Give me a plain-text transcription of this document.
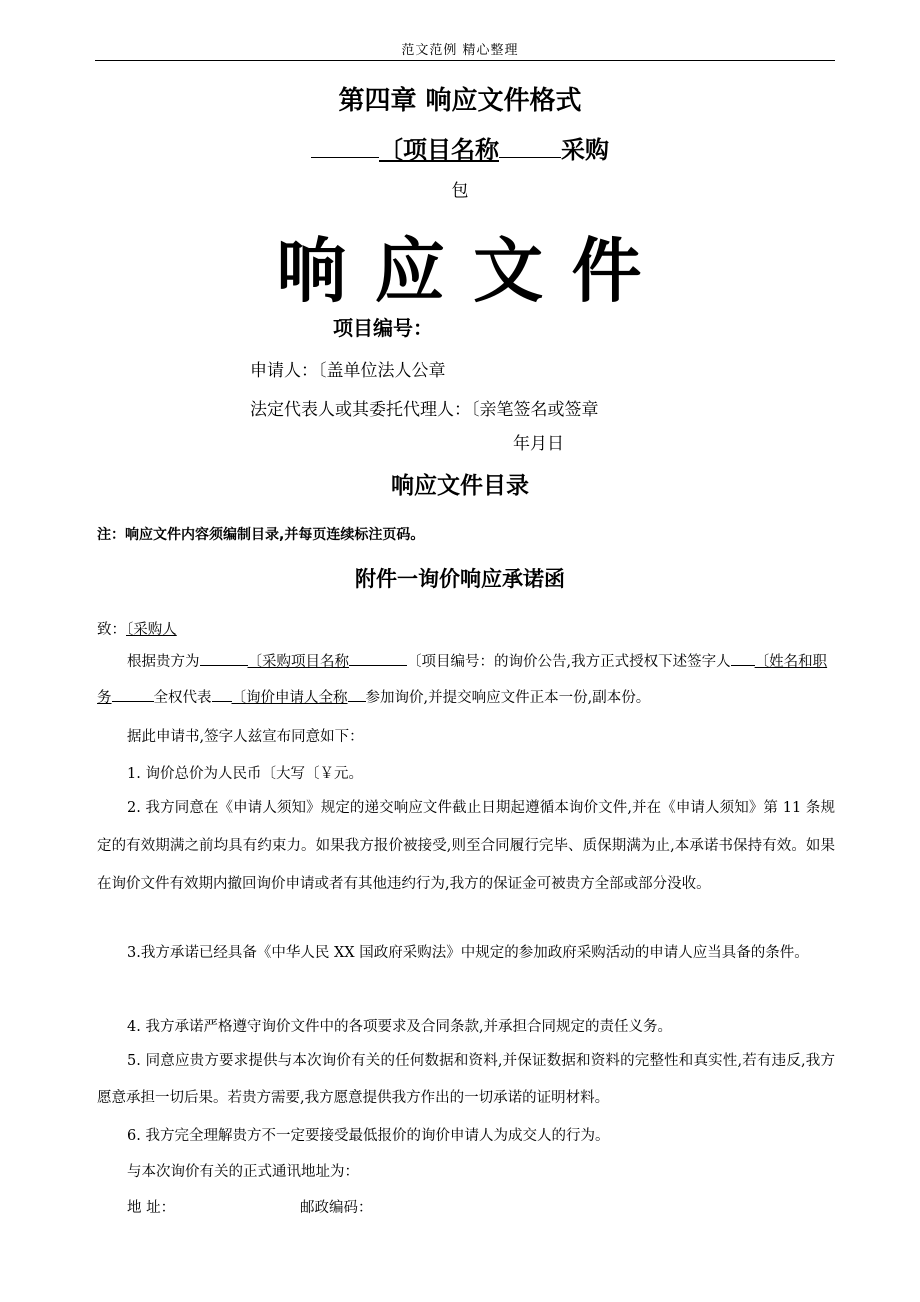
范文范例 精心整理
第四章 响应文件格式
〔项目名称	采购
包
响 应 文 件
项目编号：
申请人：〔盖单位法人公章
法定代表人或其委托代理人：〔亲笔签名或签章
年月日
响应文件目录
注：响应文件内容须编制目录,并每页连续标注页码。
附件一询价响应承诺函
致：〔采购人

根据贵方为	〔采购项目名称	〔项目编号：的询价公告,我方正式授权下述签字人 〔姓名和职务	全权代表 〔询价申请人全称 参加询价,并提交响应文件正本一份,副本份。

据此申请书,签字人兹宣布同意如下：

1. 询价总价为人民币〔大写〔￥元。

2. 我方同意在《申请人须知》规定的递交响应文件截止日期起遵循本询价文件,并在《申请人须知》第 11 条规定的有效期满之前均具有约束力。如果我方报价被接受,则至合同履行完毕、质保期满为止,本承诺书保持有效。如果在询价文件有效期内撤回询价申请或者有其他违约行为,我方的保证金可被贵方全部或部分没收。

3.我方承诺已经具备《中华人民 XX 国政府采购法》中规定的参加政府采购活动的申请人应当具备的条件。

4. 我方承诺严格遵守询价文件中的各项要求及合同条款,并承担合同规定的责任义务。

5. 同意应贵方要求提供与本次询价有关的任何数据和资料,并保证数据和资料的完整性和真实性,若有违反,我方愿意承担一切后果。若贵方需要,我方愿意提供我方作出的一切承诺的证明材料。

6. 我方完全理解贵方不一定要接受最低报价的询价申请人为成交人的行为。

与本次询价有关的正式通讯地址为：

地 址：	邮政编码：
